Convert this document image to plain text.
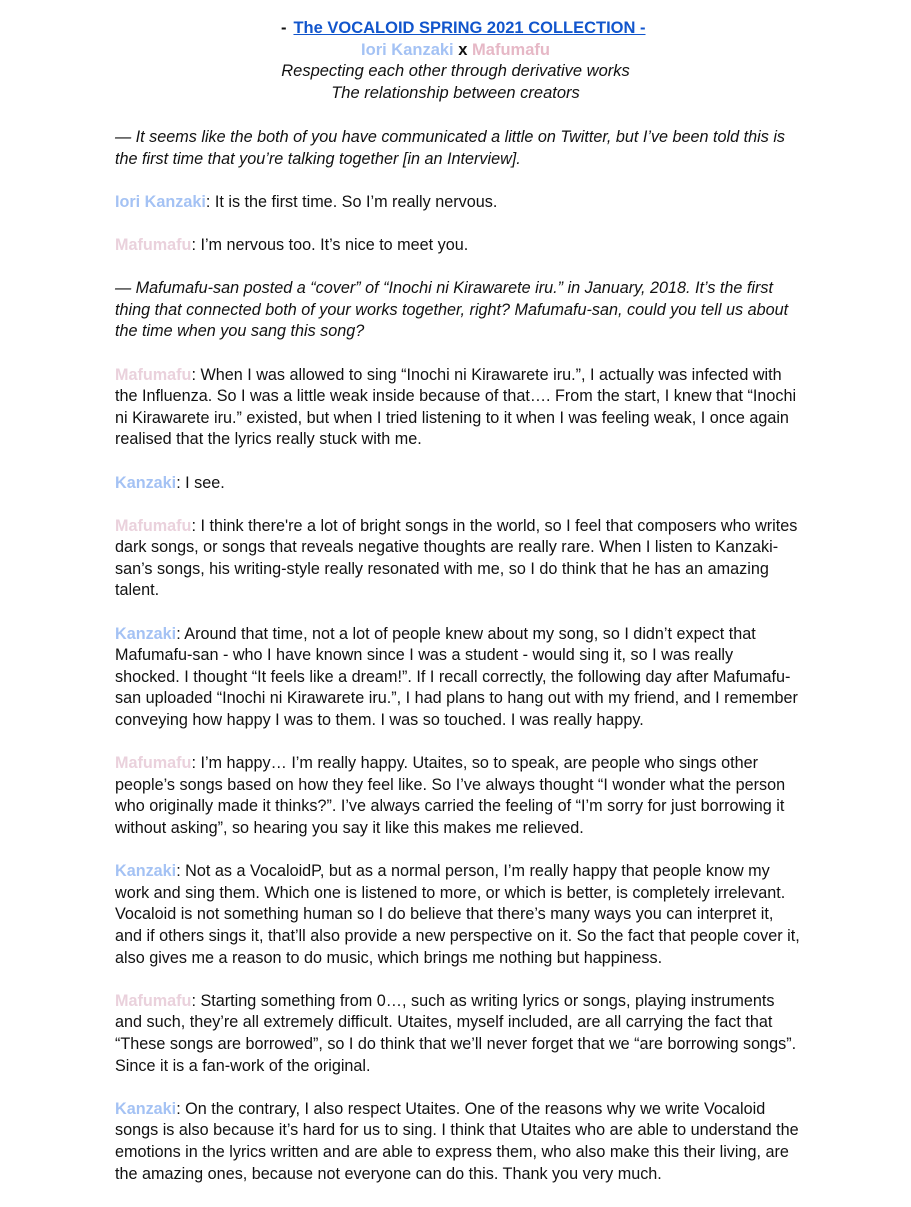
- The VOCALOID SPRING 2021 COLLECTION -
Iori Kanzaki x Mafumafu
Respecting each other through derivative works
The relationship between creators

— It seems like the both of you have communicated a little on Twitter, but I’ve been told this is the first time that you’re talking together [in an Interview].

Iori Kanzaki: It is the first time. So I’m really nervous.

Mafumafu: I’m nervous too. It’s nice to meet you.

— Mafumafu-san posted a “cover” of “Inochi ni Kirawarete iru.” in January, 2018. It’s the first thing that connected both of your works together, right? Mafumafu-san, could you tell us about the time when you sang this song?

Mafumafu: When I was allowed to sing “Inochi ni Kirawarete iru.”, I actually was infected with the Influenza. So I was a little weak inside because of that…. From the start, I knew that “Inochi ni Kirawarete iru.” existed, but when I tried listening to it when I was feeling weak, I once again realised that the lyrics really stuck with me.

Kanzaki: I see.

Mafumafu: I think there're a lot of bright songs in the world, so I feel that composers who writes dark songs, or songs that reveals negative thoughts are really rare. When I listen to Kanzaki-san’s songs, his writing-style really resonated with me, so I do think that he has an amazing talent.

Kanzaki: Around that time, not a lot of people knew about my song, so I didn’t expect that Mafumafu-san - who I have known since I was a student - would sing it, so I was really shocked. I thought “It feels like a dream!”. If I recall correctly, the following day after Mafumafu-san uploaded “Inochi ni Kirawarete iru.”, I had plans to hang out with my friend, and I remember conveying how happy I was to them. I was so touched. I was really happy.

Mafumafu: I’m happy… I’m really happy. Utaites, so to speak, are people who sings other people’s songs based on how they feel like. So I’ve always thought “I wonder what the person who originally made it thinks?”. I’ve always carried the feeling of “I’m sorry for just borrowing it without asking”, so hearing you say it like this makes me relieved.

Kanzaki: Not as a VocaloidP, but as a normal person, I’m really happy that people know my work and sing them. Which one is listened to more, or which is better, is completely irrelevant. Vocaloid is not something human so I do believe that there’s many ways you can interpret it, and if others sings it, that’ll also provide a new perspective on it. So the fact that people cover it, also gives me a reason to do music, which brings me nothing but happiness.

Mafumafu: Starting something from 0…, such as writing lyrics or songs, playing instruments and such, they’re all extremely difficult. Utaites, myself included, are all carrying the fact that “These songs are borrowed”, so I do think that we’ll never forget that we “are borrowing songs”. Since it is a fan-work of the original.

Kanzaki: On the contrary, I also respect Utaites. One of the reasons why we write Vocaloid songs is also because it’s hard for us to sing. I think that Utaites who are able to understand the emotions in the lyrics written and are able to express them, who also make this their living, are the amazing ones, because not everyone can do this. Thank you very much.
